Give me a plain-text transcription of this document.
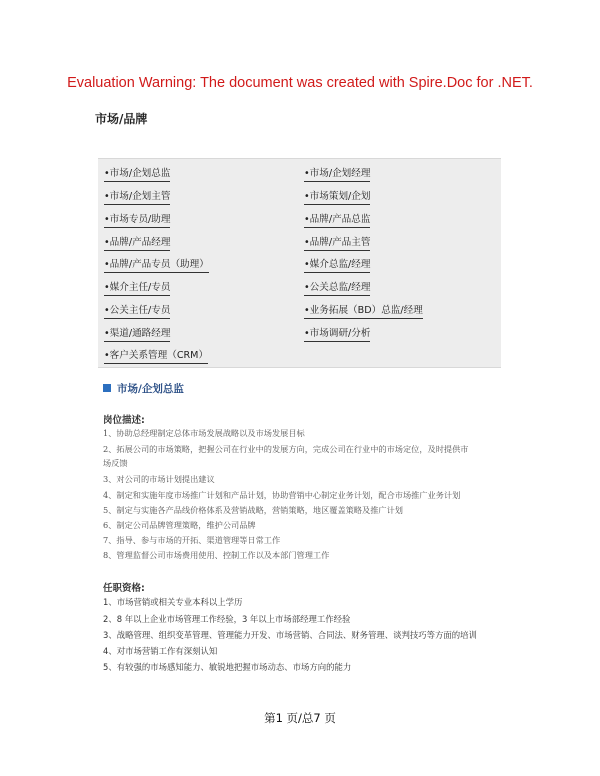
Evaluation Warning: The document was created with Spire.Doc for .NET.
市场/品牌
•市场/企划总监
•市场/企划主管
•市场专员/助理
•品牌/产品经理
•品牌/产品专员（助理）
•媒介主任/专员
•公关主任/专员
•渠道/通路经理
•客户关系管理（CRM）
•市场/企划经理
•市场策划/企划
•品牌/产品总监
•品牌/产品主管
•媒介总监/经理
•公关总监/经理
•业务拓展（BD）总监/经理
•市场调研/分析
市场/企划总监
岗位描述:
1、协助总经理制定总体市场发展战略以及市场发展目标
2、拓展公司的市场策略，把握公司在行业中的发展方向，完成公司在行业中的市场定位，及时提供市
场反馈
3、对公司的市场计划提出建议
4、制定和实施年度市场推广计划和产品计划，协助营销中心制定业务计划，配合市场推广业务计划
5、制定与实施各产品线价格体系及营销战略，营销策略，地区覆盖策略及推广计划
6、制定公司品牌管理策略，维护公司品牌
7、指导、参与市场的开拓、渠道管理等日常工作
8、管理监督公司市场费用使用、控制工作以及本部门管理工作
任职资格:
1、市场营销或相关专业本科以上学历
2、8 年以上企业市场管理工作经验，3 年以上市场部经理工作经验
3、战略管理、组织变革管理、管理能力开发、市场营销、合同法、财务管理、谈判技巧等方面的培训
4、对市场营销工作有深刻认知
5、有较强的市场感知能力、敏锐地把握市场动态、市场方向的能力
第1 页/总7 页
